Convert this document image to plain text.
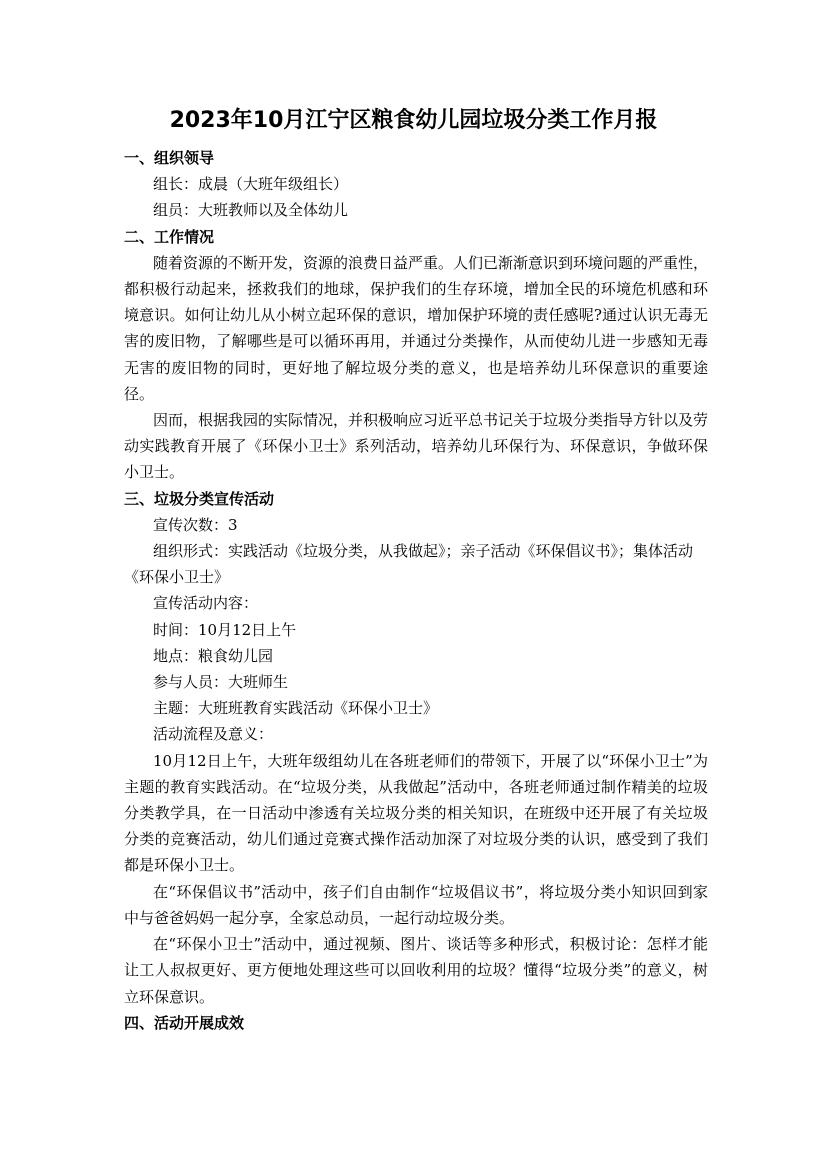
2023年10月江宁区粮食幼儿园垃圾分类工作月报
一、组织领导
组长：成晨（大班年级组长）
组员：大班教师以及全体幼儿
二、工作情况

随着资源的不断开发，资源的浪费日益严重。人们已渐渐意识到环境问题的严重性，都积极行动起来，拯救我们的地球，保护我们的生存环境，增加全民的环境危机感和环境意识。如何让幼儿从小树立起环保的意识，增加保护环境的责任感呢?通过认识无毒无害的废旧物，了解哪些是可以循环再用，并通过分类操作，从而使幼儿进一步感知无毒无害的废旧物的同时，更好地了解垃圾分类的意义，也是培养幼儿环保意识的重要途径。

因而，根据我园的实际情况，并积极响应习近平总书记关于垃圾分类指导方针以及劳动实践教育开展了《环保小卫士》系列活动，培养幼儿环保行为、环保意识，争做环保小卫士。

三、垃圾分类宣传活动
宣传次数：3

组织形式：实践活动《垃圾分类，从我做起》；亲子活动《环保倡议书》；集体活动《环保小卫士》

宣传活动内容：
时间：10月12日上午
地点：粮食幼儿园
参与人员：大班师生
主题：大班班教育实践活动《环保小卫士》
活动流程及意义：

10月12日上午，大班年级组幼儿在各班老师们的带领下，开展了以“环保小卫士”为主题的教育实践活动。在“垃圾分类，从我做起”活动中，各班老师通过制作精美的垃圾分类教学具，在一日活动中渗透有关垃圾分类的相关知识，在班级中还开展了有关垃圾分类的竞赛活动，幼儿们通过竞赛式操作活动加深了对垃圾分类的认识，感受到了我们都是环保小卫士。

在“环保倡议书”活动中，孩子们自由制作“垃圾倡议书”，将垃圾分类小知识回到家中与爸爸妈妈一起分享，全家总动员，一起行动垃圾分类。

在“环保小卫士”活动中，通过视频、图片、谈话等多种形式，积极讨论：怎样才能让工人叔叔更好、更方便地处理这些可以回收利用的垃圾？懂得“垃圾分类”的意义，树立环保意识。

四、活动开展成效
